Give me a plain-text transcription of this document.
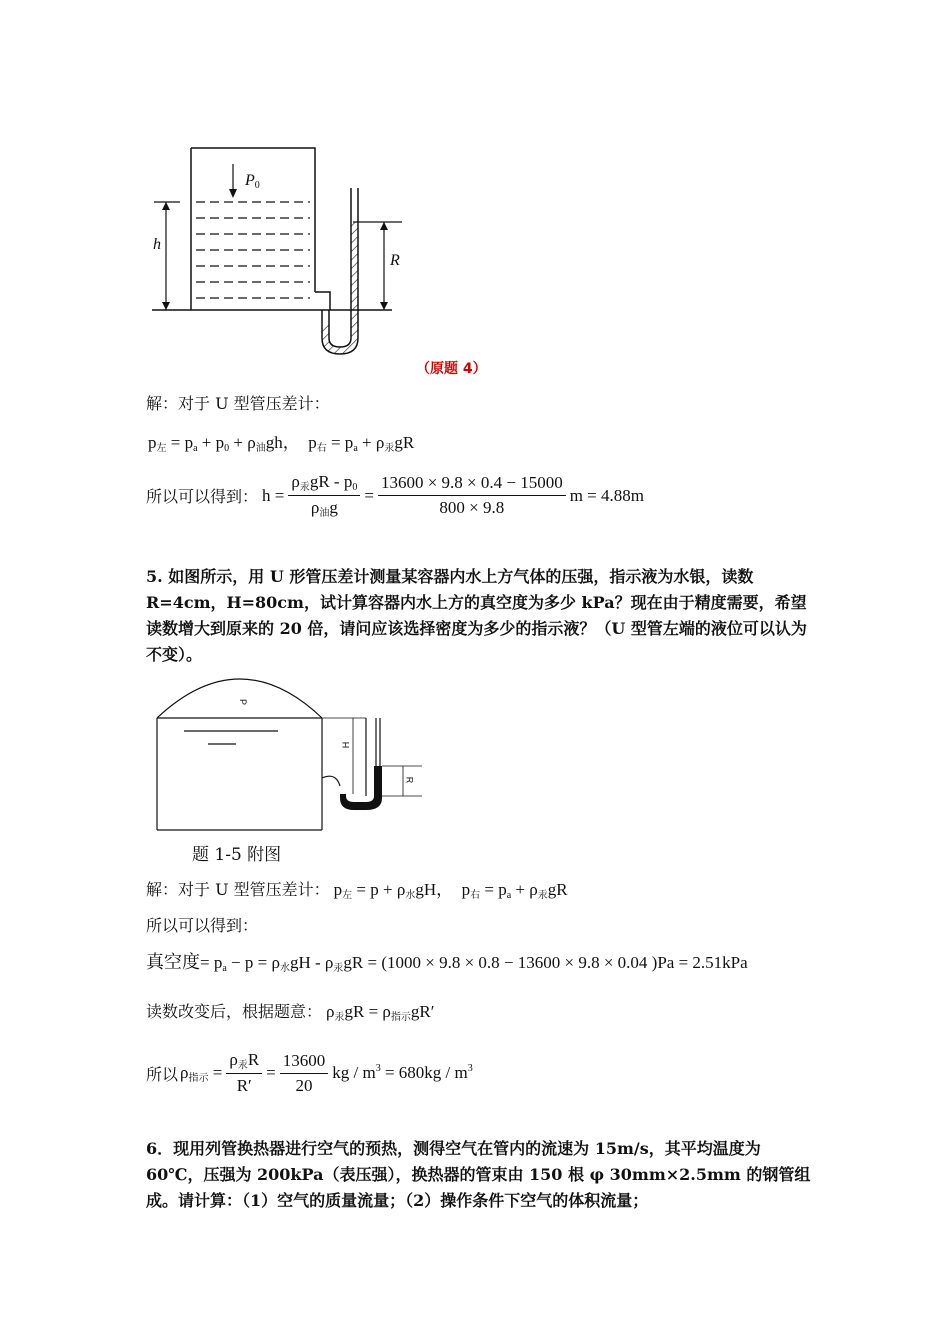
$P_0$
h
R
（原题 4）
解：对于 U 型管压差计：
$p_左 = p_a + p_0 + \rho_油gh$， $p_右 = p_a + \rho_汞gR$
所以可以得到： $h = \frac{\rho_汞gR - p_0}{\rho_油g} = \frac{13600 \times 9.8 \times 0.4 - 15000}{800 \times 9.8}$ m = 4.88m
5. 如图所示，用 U 形管压差计测量某容器内水上方气体的压强，指示液为水银，读数 R=4cm，H=80cm，试计算容器内水上方的真空度为多少 kPa？现在由于精度需要，希望读数增大到原来的 20 倍，请问应该选择密度为多少的指示液？（U 型管左端的液位可以认为不变）。
P
H
R
题 1-5 附图
解：对于 U 型管压差计： $p_左 = p + \rho_水gH$， $p_右 = p_a + \rho_汞gR$
所以可以得到：
真空度 = $p_a - p = \rho_水gH - \rho_汞gR = (1000 \times 9.8 \times 0.8 - 13600 \times 9.8 \times 0.04$ )Pa = 2.51kPa
读数改变后，根据题意： $\rho_汞gR = \rho_{指示}gR'$
所以 $\rho_{指示} = \frac{\rho_汞R}{R'} = \frac{13600}{20}$ kg / $m^3 = 680kg / m^3$
6．现用列管换热器进行空气的预热，测得空气在管内的流速为 15m/s，其平均温度为 60℃，压强为 200kPa（表压强），换热器的管束由 150 根 φ 30mm×2.5mm 的钢管组成。请计算：（1）空气的质量流量；（2）操作条件下空气的体积流量；
